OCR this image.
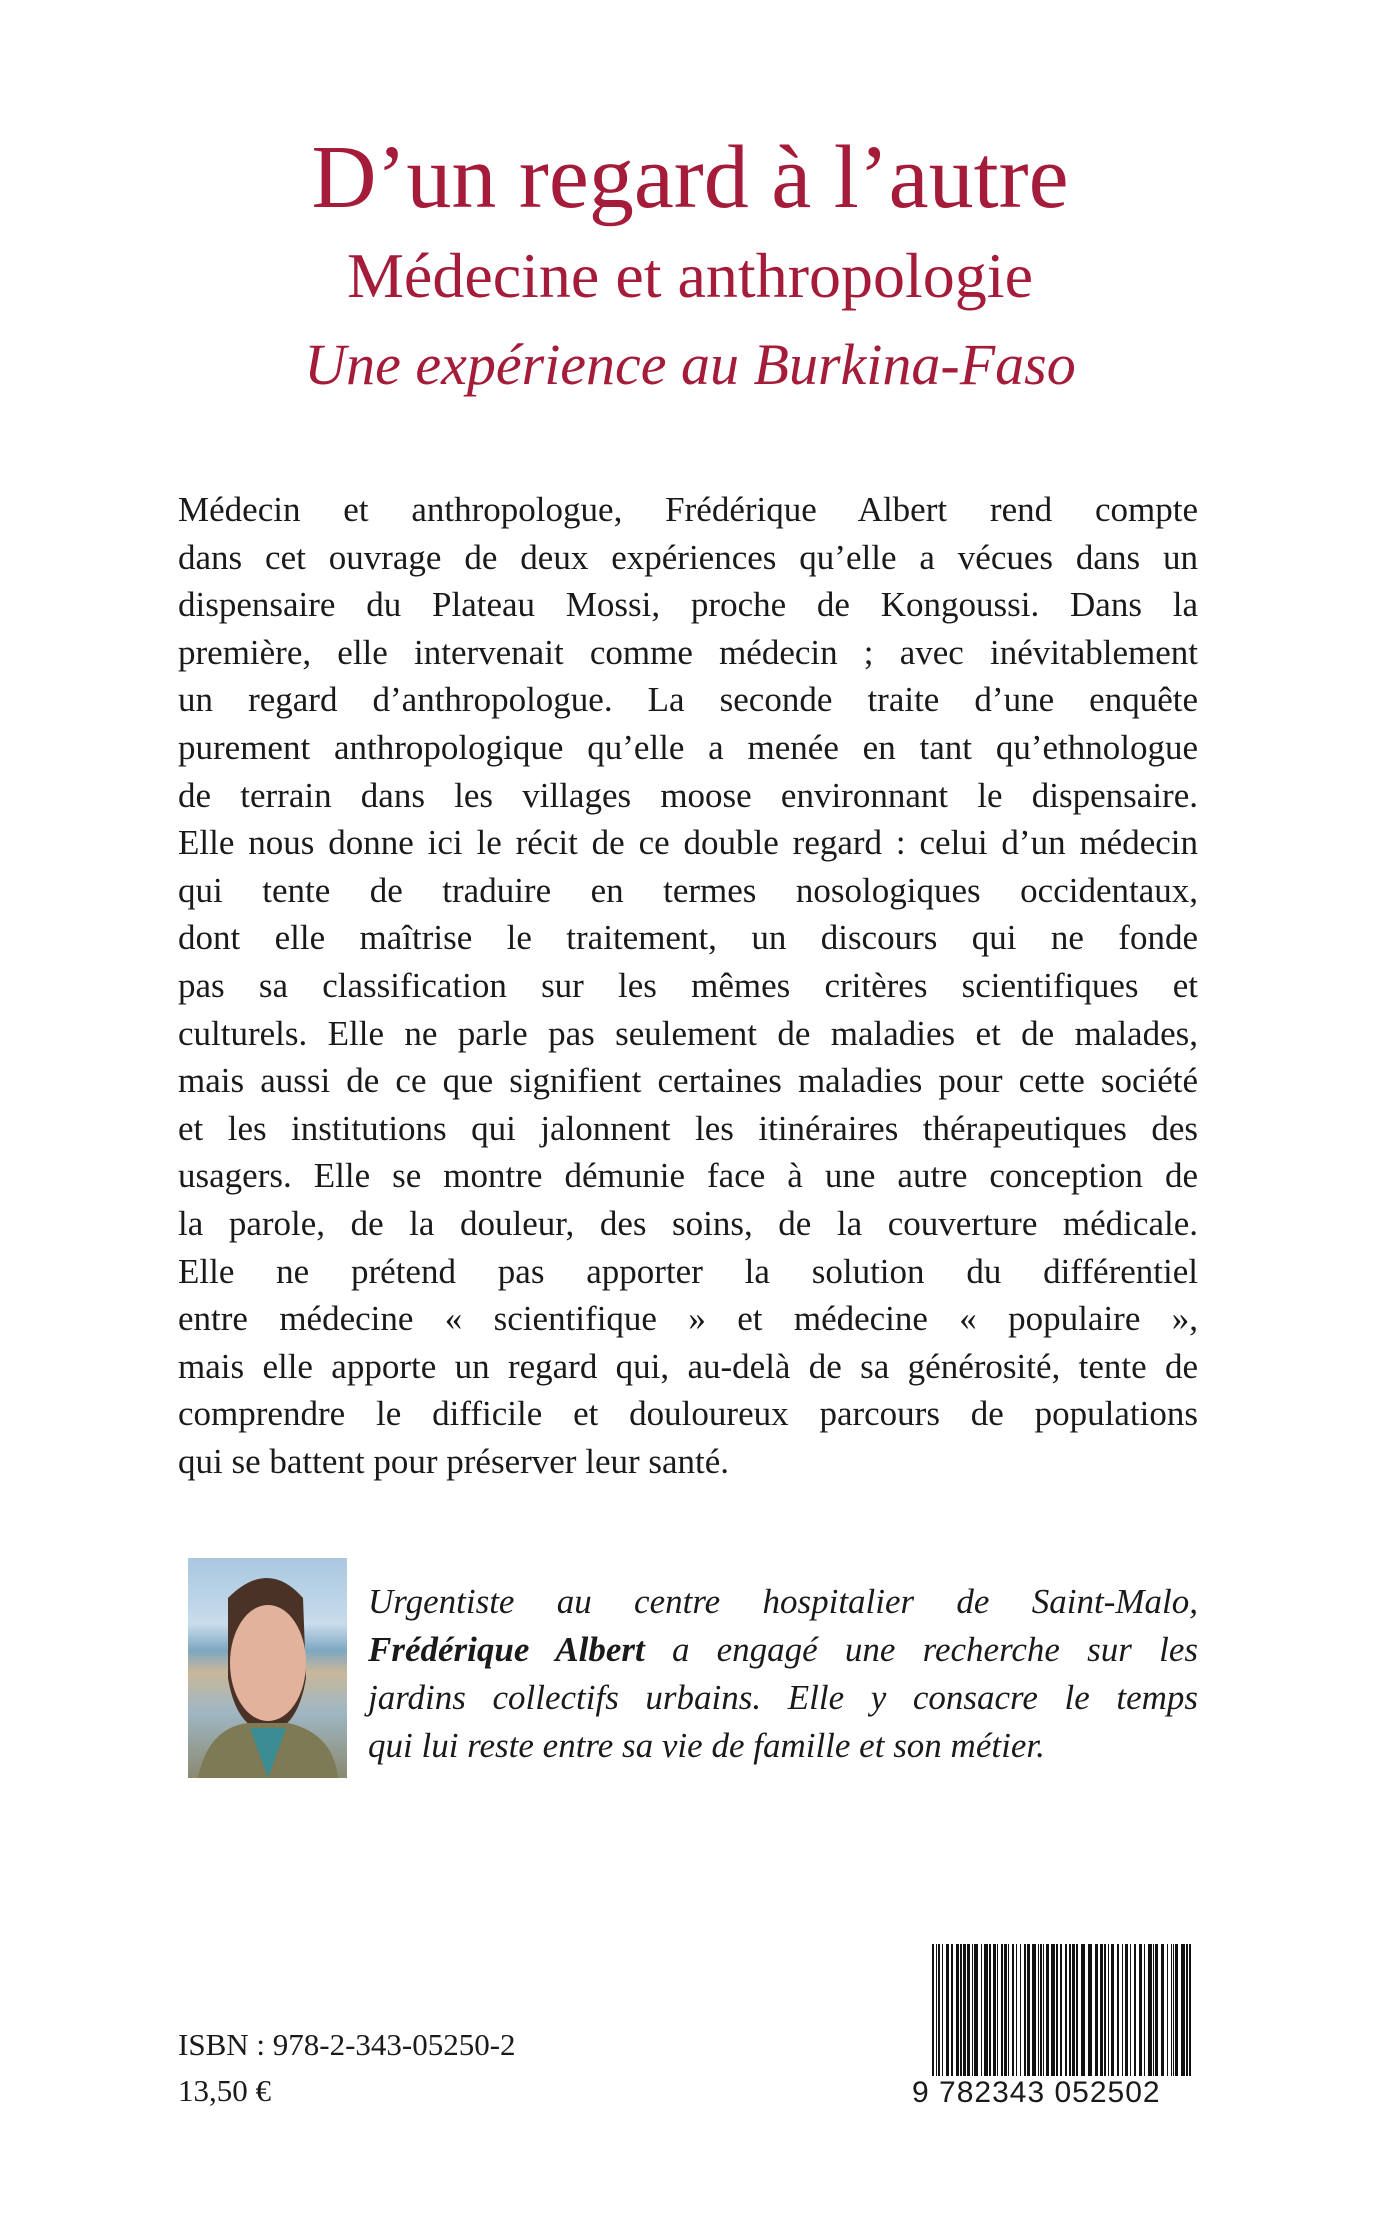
D’un regard à l’autre
Médecine et anthropologie
Une expérience au Burkina-Faso
Médecin et anthropologue, Frédérique Albert rend compte
dans cet ouvrage de deux expériences qu’elle a vécues dans un
dispensaire du Plateau Mossi, proche de Kongoussi. Dans la
première, elle intervenait comme médecin ; avec inévitablement
un regard d’anthropologue. La seconde traite d’une enquête
purement anthropologique qu’elle a menée en tant qu’ethnologue
de terrain dans les villages moose environnant le dispensaire.
Elle nous donne ici le récit de ce double regard : celui d’un médecin
qui tente de traduire en termes nosologiques occidentaux,
dont elle maîtrise le traitement, un discours qui ne fonde
pas sa classification sur les mêmes critères scientifiques et
culturels. Elle ne parle pas seulement de maladies et de malades,
mais aussi de ce que signifient certaines maladies pour cette société
et les institutions qui jalonnent les itinéraires thérapeutiques des
usagers. Elle se montre démunie face à une autre conception de
la parole, de la douleur, des soins, de la couverture médicale.
Elle ne prétend pas apporter la solution du différentiel
entre médecine « scientifique » et médecine « populaire »,
mais elle apporte un regard qui, au-delà de sa générosité, tente de
comprendre le difficile et douloureux parcours de populations
qui se battent pour préserver leur santé.
Urgentiste au centre hospitalier de Saint-Malo,
Frédérique Albert a engagé une recherche sur les
jardins collectifs urbains. Elle y consacre le temps
qui lui reste entre sa vie de famille et son métier.
ISBN : 978-2-343-05250-2
13,50 €	9 782343 052502
